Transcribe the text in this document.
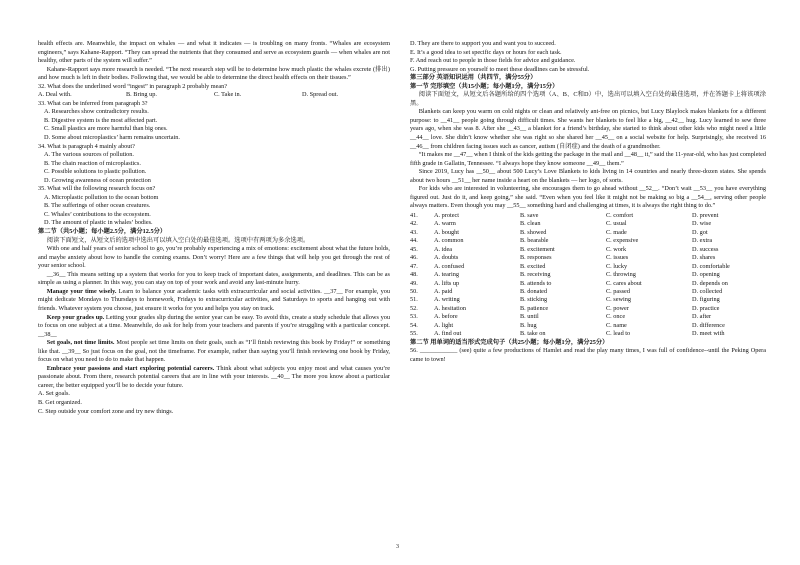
health effects are. Meanwhile, the impact on whales — and what it indicates — is troubling on many fronts. “Whales are ecosystem engineers,” says Kahane-Rapport. “They can spread the nutrients that they consumed and serve as ecosystem guards — when whales are not healthy, other parts of the system will suffer.”

Kahane-Rapport says more research is needed. “The next research step will be to determine how much plastic the whales excrete (排出) and how much is left in their bodies. Following that, we would be able to determine the direct health effects on their tissues.”

32. What does the underlined word “ingest” in paragraph 2 probably mean?

A. Deal with.	B. Bring up.	C. Take in.	D. Spread out.

33. What can be inferred from paragraph 3?

A. Researches show contradictory results.

B. Digestive system is the most affected part.

C. Small plastics are more harmful than big ones.

D. Some about microplastics’ harm remains uncertain.

34. What is paragraph 4 mainly about?

A. The various sources of pollution.

B. The chain reaction of microplastics.

C. Possible solutions to plastic pollution.

D. Growing awareness of ocean protection

35. What will the following research focus on?

A. Microplastic pollution to the ocean bottom

B. The sufferings of other ocean creatures.

C. Whales’ contributions to the ecosystem.

D. The amount of plastic in whales’ bodies.

第二节（共5小题；每小题2.5分，满分12.5分）

阅读下面短文，从短文后的选项中选出可以填入空白处的最佳选项。选项中有两项为多余选项。

With one and half years of senior school to go, you’re probably experiencing a mix of emotions: excitement about what the future holds, and maybe anxiety about how to handle the coming exams. Don’t worry! Here are a few things that will help you get through the rest of your senior school.

__36__ This means setting up a system that works for you to keep track of important dates, assignments, and deadlines. This can be as simple as using a planner. In this way, you can stay on top of your work and avoid any last-minute hurry.

Manage your time wisely. Learn to balance your academic tasks with extracurricular and social activities. __37__ For example, you might dedicate Mondays to Thursdays to homework, Fridays to extracurricular activities, and Saturdays to sports and hanging out with friends. Whatever system you choose, just ensure it works for you and helps you stay on track.

Keep your grades up. Letting your grades slip during the senior year can be easy. To avoid this, create a study schedule that allows you to focus on one subject at a time. Meanwhile, do ask for help from your teachers and parents if you’re struggling with a particular concept. __38__

Set goals, not time limits. Most people set time limits on their goals, such as “I’ll finish reviewing this book by Friday!” or something like that. __39__ So just focus on the goal, not the timeframe. For example, rather than saying you’ll finish reviewing one book by Friday, focus on what you need to do to make that happen.

Embrace your passions and start exploring potential careers. Think about what subjects you enjoy most and what causes you’re passionate about. From there, research potential careers that are in line with your interests. __40__ The more you know about a particular career, the better equipped you’ll be to decide your future.

A. Set goals.

B. Get organized.

C. Step outside your comfort zone and try new things.

D. They are there to support you and want you to succeed.

E. It’s a good idea to set specific days or hours for each task.

F. And reach out to people in those fields for advice and guidance.

G. Putting pressure on yourself to meet these deadlines can be stressful.

第三部分 英语知识运用（共四节，满分55分）

第一节 完形填空（共15小题；每小题1分，满分15分）

阅读下面短文，从短文后各题所给的四个选项（A、B、C和D）中，选出可以填入空白处的最佳选项，并在答题卡上将该项涂黑。

Blankets can keep you warm on cold nights or clean and relatively ant-free on picnics, but Lucy Blaylock makes blankets for a different purpose: to __41__ people going through difficult times. She wants her blankets to feel like a big, __42__ hug. Lucy learned to sew three years ago, when she was 8. After she __43__ a blanket for a friend’s birthday, she started to think about other kids who might need a little __44__ love. She didn’t know whether she was right so she shared her __45__ on a social website for help. Surprisingly, she received 16 __46__ from children facing issues such as cancer, autism (自闭症) and the death of a grandmother.

“It makes me __47__ when I think of the kids getting the package in the mail and __48__ it,” said the 11-year-old, who has just completed fifth grade in Gallatin, Tennessee. “I always hope they know someone __49__ them.”

Since 2019, Lucy has __50__ about 500 Lucy’s Love Blankets to kids living in 14 countries and nearly three-dozen states. She spends about two hours __51__ her name inside a heart on the blankets — her logo, of sorts.

For kids who are interested in volunteering, she encourages them to go ahead without __52__. “Don’t wait __53__ you have everything figured out. Just do it, and keep going,” she said. “Even when you feel like it might not be making so big a __54__, serving other people always matters. Even though you may __55__ something hard and challenging at times, it is always the right thing to do.”

41.	A. protect	B. save	C. comfort	D. prevent
42.	A. warm	B. clean	C. usual	D. wise
43.	A. bought	B. showed	C. made	D. got
44.	A. common	B. bearable	C. expensive	D. extra
45.	A. idea	B. excitement	C. work	D. success
46.	A. doubts	B. responses	C. issues	D. shares
47.	A. confused	B. excited	C. lucky	D. comfortable
48.	A. tearing	B. receiving	C. throwing	D. opening
49.	A. lifts up	B. attends to	C. cares about	D. depends on
50.	A. paid	B. donated	C. passed	D. collected
51.	A. writing	B. sticking	C. sewing	D. figuring
52.	A. hesitation	B. patience	C. power	D. practice
53.	A. before	B. until	C. once	D. after
54.	A. light	B. hug	C. name	D. difference
55.	A. find out	B. take on	C. lead to	D. meet with

第二节 用单词的适当形式完成句子（共25小题；每小题1分，满分25分）

56. ____________ (see) quite a few productions of Hamlet and read the play many times, I was full of confidence--until the Peking Opera came to town!

3
